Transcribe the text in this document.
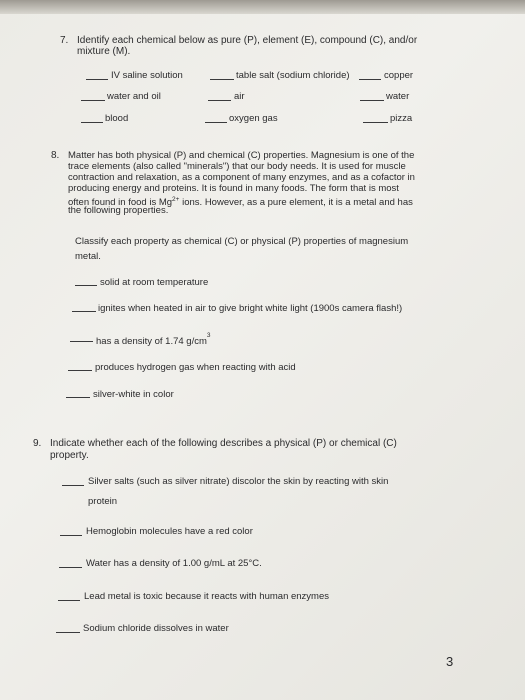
7. Identify each chemical below as pure (P), element (E), compound (C), and/or
mixture (M).
IV saline solution	table salt (sodium chloride)	copper
water and oil	air	water
blood	oxygen gas	pizza
8. Matter has both physical (P) and chemical (C) properties. Magnesium is one of the
trace elements (also called "minerals") that our body needs. It is used for muscle
contraction and relaxation, as a component of many enzymes, and as a cofactor in
producing energy and proteins. It is found in many foods. The form that is most
often found in food is $Mg^{2+}$ ions. However, as a pure element, it is a metal and has
the following properties.
Classify each property as chemical (C) or physical (P) properties of magnesium
metal.
solid at room temperature
ignites when heated in air to give bright white light (1900s camera flash!)
has a density of 1.74 $g/cm^3$
produces hydrogen gas when reacting with acid
silver-white in color
9. Indicate whether each of the following describes a physical (P) or chemical (C)
property.
Silver salts (such as silver nitrate) discolor the skin by reacting with skin
protein
Hemoglobin molecules have a red color
Water has a density of 1.00 g/mL at 25°C.
Lead metal is toxic because it reacts with human enzymes
Sodium chloride dissolves in water
3
